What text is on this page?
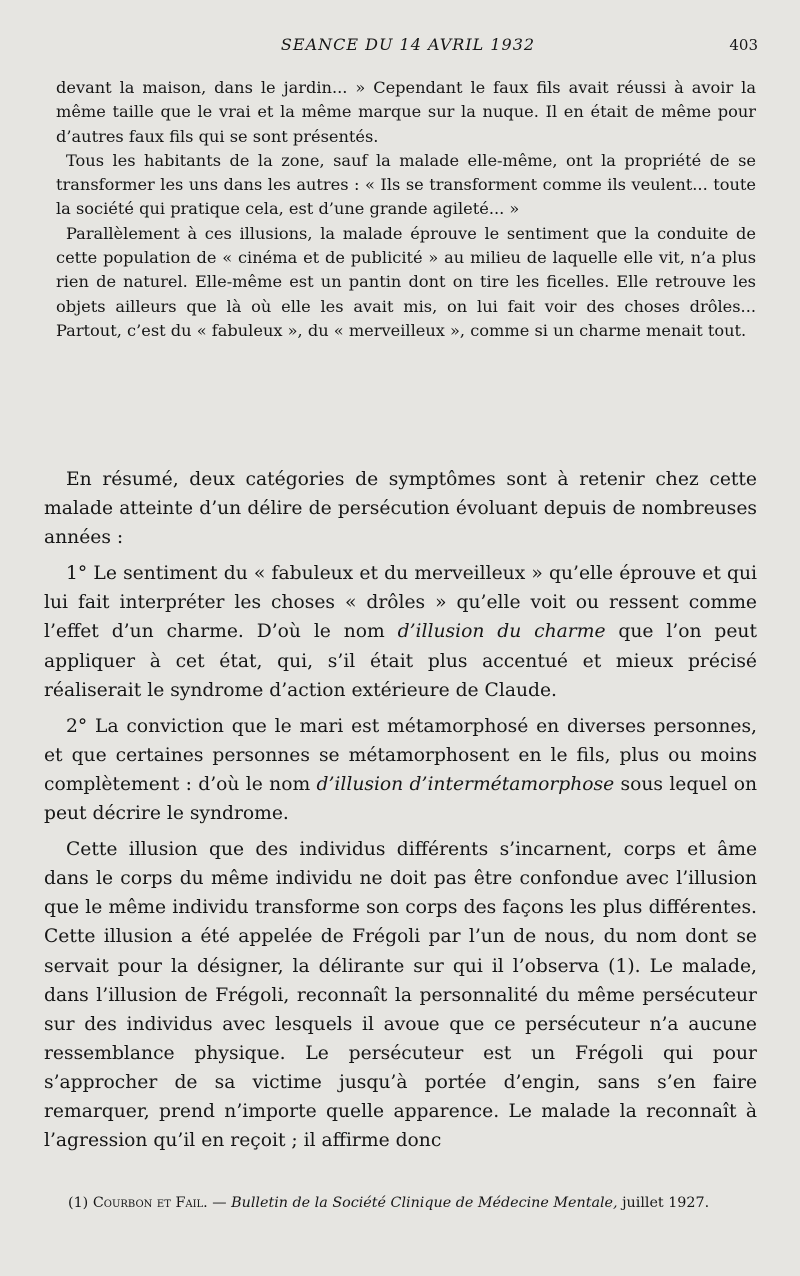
SEANCE DU 14 AVRIL 1932	403

devant la maison, dans le jardin... » Cependant le faux fils avait réussi à avoir la même taille que le vrai et la même marque sur la nuque. Il en était de même pour d’autres faux fils qui se sont présentés.

Tous les habitants de la zone, sauf la malade elle-même, ont la propriété de se transformer les uns dans les autres : « Ils se transforment comme ils veulent... toute la société qui pratique cela, est d’une grande agileté... »

Parallèlement à ces illusions, la malade éprouve le sentiment que la conduite de cette population de « cinéma et de publicité » au milieu de laquelle elle vit, n’a plus rien de naturel. Elle-même est un pantin dont on tire les ficelles. Elle retrouve les objets ailleurs que là où elle les avait mis, on lui fait voir des choses drôles... Partout, c’est du « fabuleux », du « merveilleux », comme si un charme menait tout.

En résumé, deux catégories de symptômes sont à retenir chez cette malade atteinte d’un délire de persécution évoluant depuis de nombreuses années :

1° Le sentiment du « fabuleux et du merveilleux » qu’elle éprouve et qui lui fait interpréter les choses « drôles » qu’elle voit ou ressent comme l’effet d’un charme. D’où le nom d’illusion du charme que l’on peut appliquer à cet état, qui, s’il était plus accentué et mieux précisé réaliserait le syndrome d’action extérieure de Claude.

2° La conviction que le mari est métamorphosé en diverses personnes, et que certaines personnes se métamorphosent en le fils, plus ou moins complètement : d’où le nom d’illusion d’intermétamorphose sous lequel on peut décrire le syndrome.

Cette illusion que des individus différents s’incarnent, corps et âme dans le corps du même individu ne doit pas être confondue avec l’illusion que le même individu transforme son corps des façons les plus différentes. Cette illusion a été appelée de Frégoli par l’un de nous, du nom dont se servait pour la désigner, la délirante sur qui il l’observa (1). Le malade, dans l’illusion de Frégoli, reconnaît la personnalité du même persécuteur sur des individus avec lesquels il avoue que ce persécuteur n’a aucune ressemblance physique. Le persécuteur est un Frégoli qui pour s’approcher de sa victime jusqu’à portée d’engin, sans s’en faire remarquer, prend n’importe quelle apparence. Le malade la reconnaît à l’agression qu’il en reçoit ; il affirme donc

(1) Courbon et Fail. — Bulletin de la Société Clinique de Médecine Mentale, juillet 1927.
